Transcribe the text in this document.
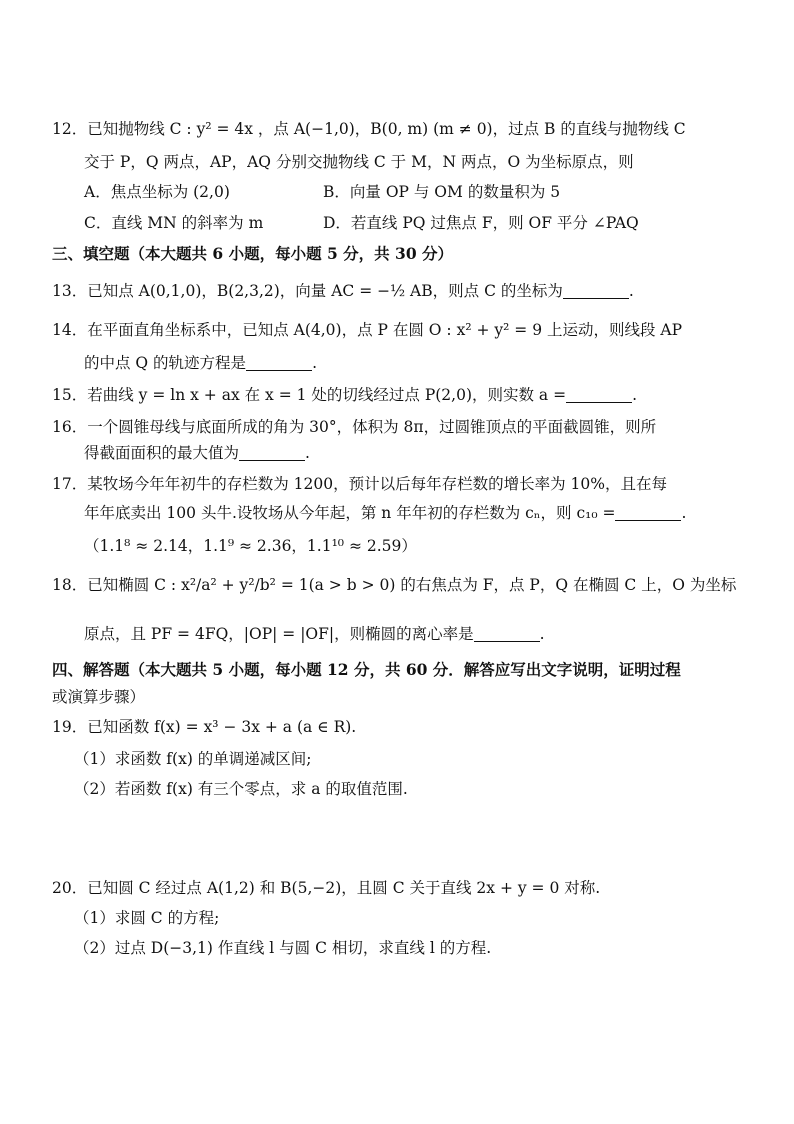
12．已知抛物线 C : y² = 4x ，点 A(−1,0)，B(0, m) (m ≠ 0)，过点 B 的直线与抛物线 C
交于 P，Q 两点，AP，AQ 分别交抛物线 C 于 M，N 两点，O 为坐标原点，则
A．焦点坐标为 (2,0)	B．向量 OP 与 OM 的数量积为 5
C．直线 MN 的斜率为 m	D．若直线 PQ 过焦点 F，则 OF 平分 ∠PAQ
三、填空题（本大题共 6 小题，每小题 5 分，共 30 分）
13．已知点 A(0,1,0)，B(2,3,2)，向量 AC = −½ AB，则点 C 的坐标为	.
14．在平面直角坐标系中，已知点 A(4,0)，点 P 在圆 O : x² + y² = 9 上运动，则线段 AP
的中点 Q 的轨迹方程是	.
15．若曲线 y = ln x + ax 在 x = 1 处的切线经过点 P(2,0)，则实数 a =	.
16．一个圆锥母线与底面所成的角为 30°，体积为 8π，过圆锥顶点的平面截圆锥，则所
得截面面积的最大值为	.
17．某牧场今年年初牛的存栏数为 1200，预计以后每年存栏数的增长率为 10%，且在每
年年底卖出 100 头牛.设牧场从今年起，第 n 年年初的存栏数为 cₙ，则 c₁₀ =	.
（1.1⁸ ≈ 2.14，1.1⁹ ≈ 2.36，1.1¹⁰ ≈ 2.59）
18．已知椭圆 C : x²/a² + y²/b² = 1(a > b > 0) 的右焦点为 F，点 P，Q 在椭圆 C 上，O 为坐标
原点，且 PF = 4FQ，|OP| = |OF|，则椭圆的离心率是	.
四、解答题（本大题共 5 小题，每小题 12 分，共 60 分．解答应写出文字说明，证明过程
或演算步骤）
19．已知函数 f(x) = x³ − 3x + a (a ∈ R).
（1）求函数 f(x) 的单调递减区间;
（2）若函数 f(x) 有三个零点，求 a 的取值范围.
20．已知圆 C 经过点 A(1,2) 和 B(5,−2)，且圆 C 关于直线 2x + y = 0 对称.
（1）求圆 C 的方程;
（2）过点 D(−3,1) 作直线 l 与圆 C 相切，求直线 l 的方程.
